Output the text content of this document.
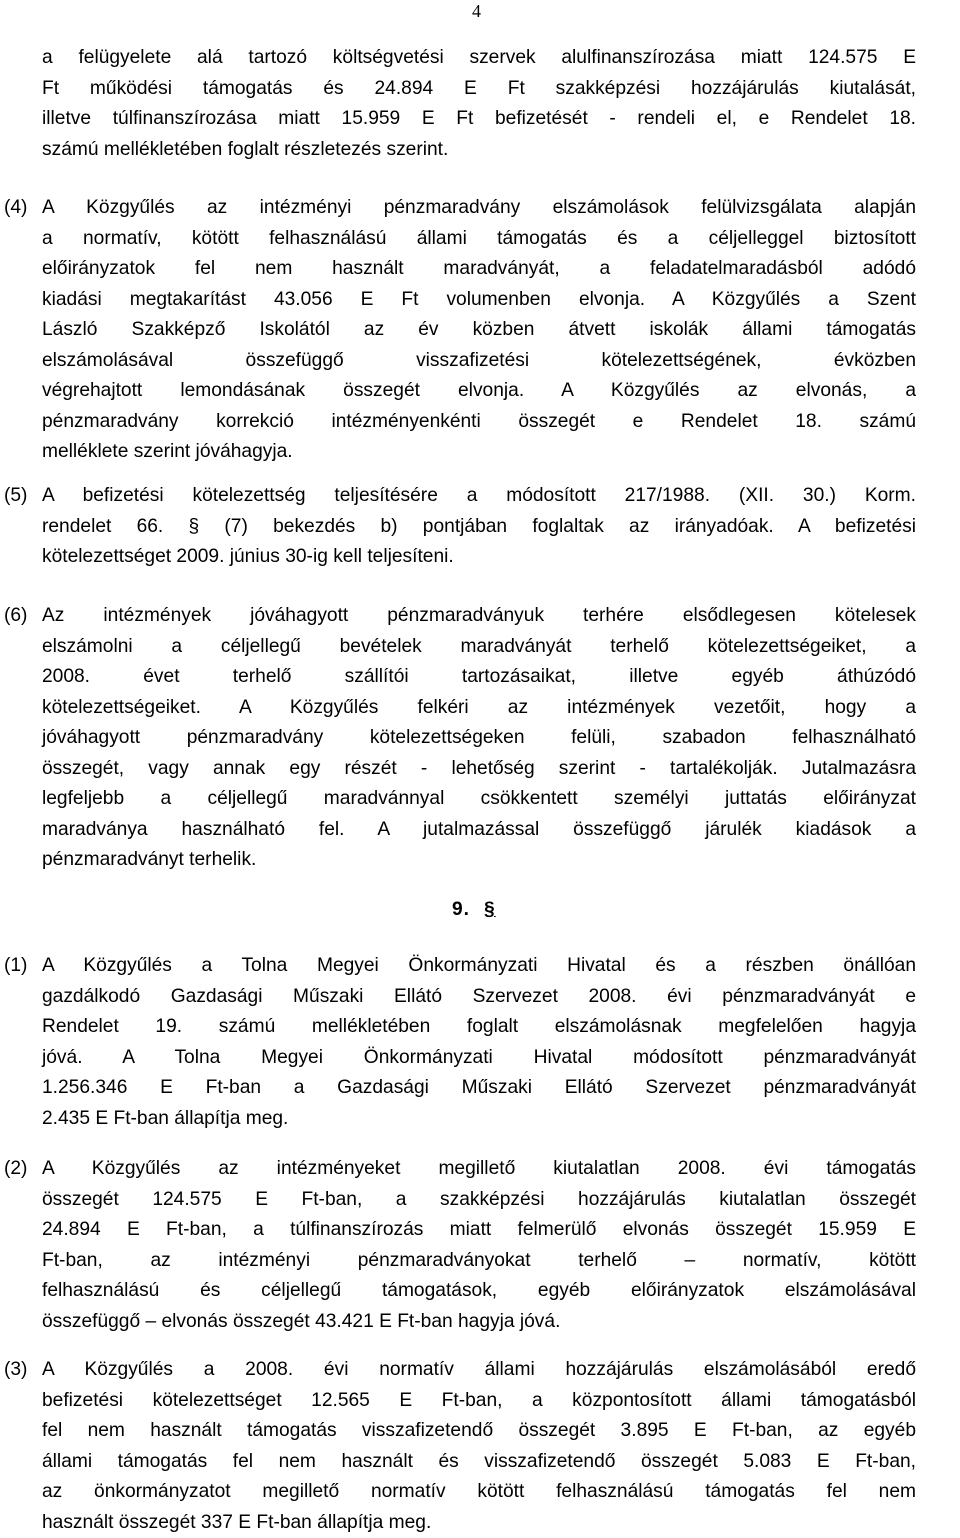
4
a felügyelete alá tartozó költségvetési szervek alulfinanszírozása miatt 124.575 E
Ft működési támogatás és 24.894 E Ft szakképzési hozzájárulás kiutalását,
illetve túlfinanszírozása miatt 15.959 E Ft befizetését - rendeli el, e Rendelet 18.
számú mellékletében foglalt részletezés szerint.
(4) A Közgyűlés az intézményi pénzmaradvány elszámolások felülvizsgálata alapján
a normatív, kötött felhasználású állami támogatás és a céljelleggel biztosított
előirányzatok fel nem használt maradványát, a feladatelmaradásból adódó
kiadási megtakarítást 43.056 E Ft volumenben elvonja. A Közgyűlés a Szent
László Szakképző Iskolától az év közben átvett iskolák állami támogatás
elszámolásával összefüggő visszafizetési kötelezettségének, évközben
végrehajtott lemondásának összegét elvonja. A Közgyűlés az elvonás, a
pénzmaradvány korrekció intézményenkénti összegét e Rendelet 18. számú
melléklete szerint jóváhagyja.
(5) A befizetési kötelezettség teljesítésére a módosított 217/1988. (XII. 30.) Korm.
rendelet 66. § (7) bekezdés b) pontjában foglaltak az irányadóak. A befizetési
kötelezettséget 2009. június 30-ig kell teljesíteni.
(6) Az intézmények jóváhagyott pénzmaradványuk terhére elsődlegesen kötelesek
elszámolni a céljellegű bevételek maradványát terhelő kötelezettségeiket, a
2008. évet terhelő szállítói tartozásaikat, illetve egyéb áthúzódó
kötelezettségeiket. A Közgyűlés felkéri az intézmények vezetőit, hogy a
jóváhagyott pénzmaradvány kötelezettségeken felüli, szabadon felhasználható
összegét, vagy annak egy részét - lehetőség szerint - tartalékolják. Jutalmazásra
legfeljebb a céljellegű maradvánnyal csökkentett személyi juttatás előirányzat
maradványa használható fel. A jutalmazással összefüggő járulék kiadások a
pénzmaradványt terhelik.
9. §
(1) A Közgyűlés a Tolna Megyei Önkormányzati Hivatal és a részben önállóan
gazdálkodó Gazdasági Műszaki Ellátó Szervezet 2008. évi pénzmaradványát e
Rendelet 19. számú mellékletében foglalt elszámolásnak megfelelően hagyja
jóvá. A Tolna Megyei Önkormányzati Hivatal módosított pénzmaradványát
1.256.346 E Ft-ban a Gazdasági Műszaki Ellátó Szervezet pénzmaradványát
2.435 E Ft-ban állapítja meg.
(2) A Közgyűlés az intézményeket megillető kiutalatlan 2008. évi támogatás
összegét 124.575 E Ft-ban, a szakképzési hozzájárulás kiutalatlan összegét
24.894 E Ft-ban, a túlfinanszírozás miatt felmerülő elvonás összegét 15.959 E
Ft-ban, az intézményi pénzmaradványokat terhelő – normatív, kötött
felhasználású és céljellegű támogatások, egyéb előirányzatok elszámolásával
összefüggő – elvonás összegét 43.421 E Ft-ban hagyja jóvá.
(3) A Közgyűlés a 2008. évi normatív állami hozzájárulás elszámolásából eredő
befizetési kötelezettséget 12.565 E Ft-ban, a központosított állami támogatásból
fel nem használt támogatás visszafizetendő összegét 3.895 E Ft-ban, az egyéb
állami támogatás fel nem használt és visszafizetendő összegét 5.083 E Ft-ban,
az önkormányzatot megillető normatív kötött felhasználású támogatás fel nem
használt összegét 337 E Ft-ban állapítja meg.
